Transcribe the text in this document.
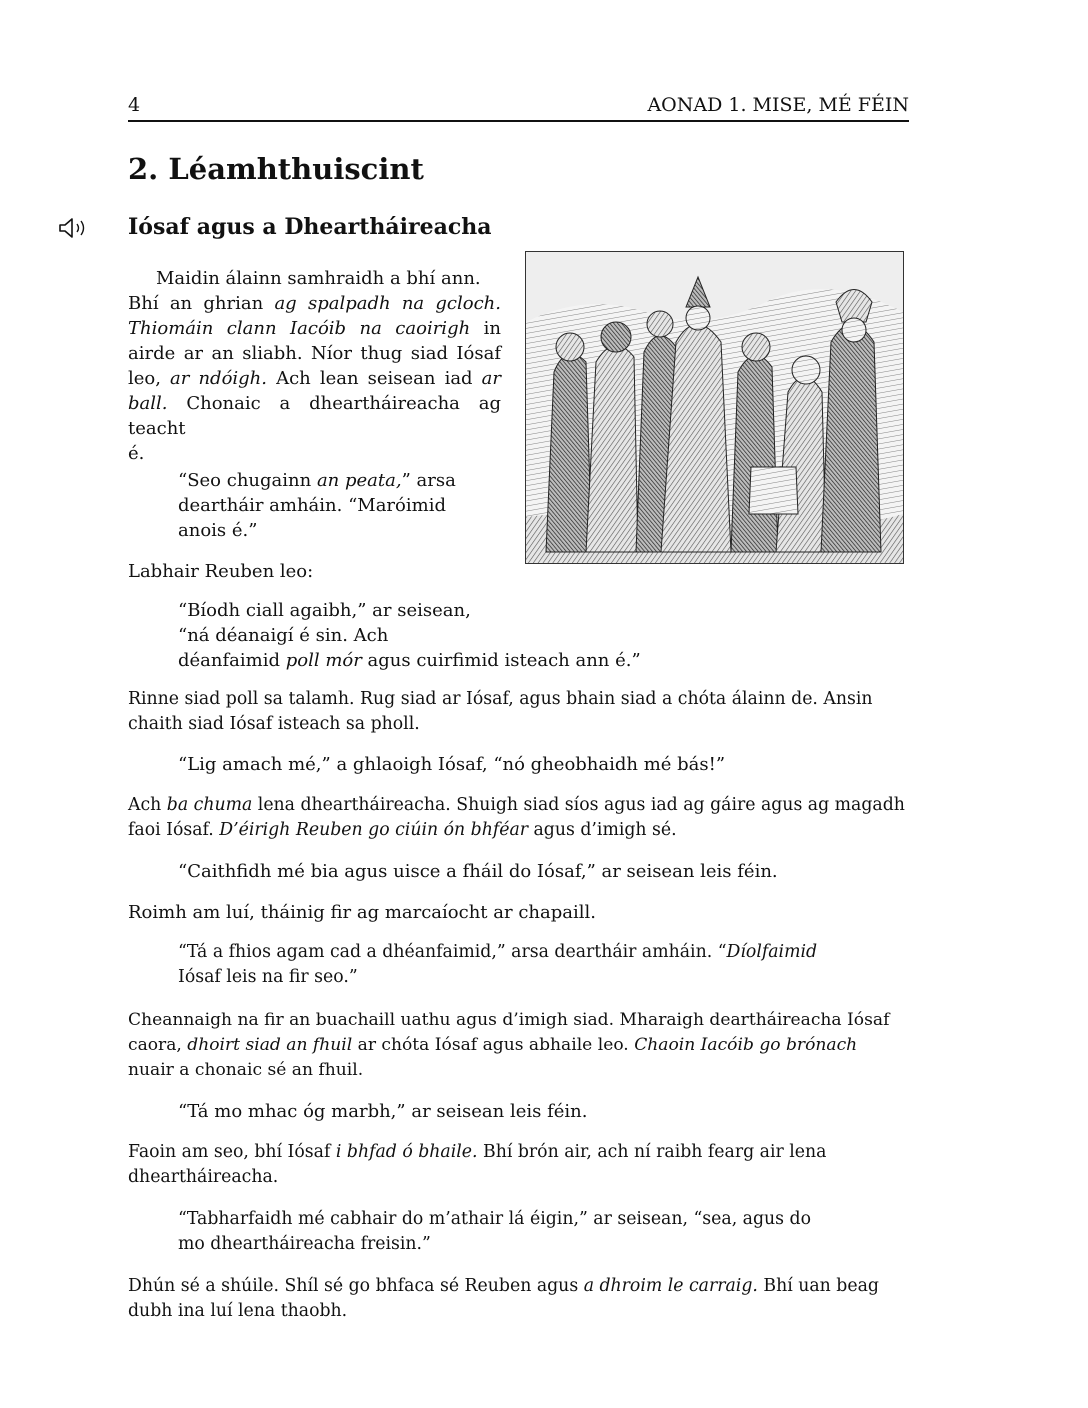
4	AONAD 1. MISE, MÉ FÉIN
2. Léamhthuiscint
Iósaf agus a Dheartháireacha
Maidin álainn samhraidh a bhí ann.
Bhí an ghrian ag spalpadh na gcloch.
Thiomáin clann Iacóib na caoirigh in
airde ar an sliabh. Níor thug siad Iósaf
leo, ar ndóigh. Ach lean seisean iad ar
ball. Chonaic a dheartháireacha ag teacht
é.
“Seo chugainn an peata,” arsa
deartháir amháin. “Maróimid
anois é.”
Labhair Reuben leo:
“Bíodh ciall agaibh,” ar seisean,
“ná déanaigí é sin. Ach
déanfaimid poll mór agus cuirfimid isteach ann é.”
Rinne siad poll sa talamh. Rug siad ar Iósaf, agus bhain siad a chóta álainn de. Ansin
chaith siad Iósaf isteach sa pholl.
“Lig amach mé,” a ghlaoigh Iósaf, “nó gheobhaidh mé bás!”
Ach ba chuma lena dheartháireacha. Shuigh siad síos agus iad ag gáire agus ag magadh
faoi Iósaf. D’éirigh Reuben go ciúin ón bhféar agus d’imigh sé.
“Caithfidh mé bia agus uisce a fháil do Iósaf,” ar seisean leis féin.
Roimh am luí, tháinig fir ag marcaíocht ar chapaill.
“Tá a fhios agam cad a dhéanfaimid,” arsa deartháir amháin. “Díolfaimid
Iósaf leis na fir seo.”
Cheannaigh na fir an buachaill uathu agus d’imigh siad. Mharaigh deartháireacha Iósaf
caora, dhoirt siad an fhuil ar chóta Iósaf agus abhaile leo. Chaoin Iacóib go brónach
nuair a chonaic sé an fhuil.
“Tá mo mhac óg marbh,” ar seisean leis féin.
Faoin am seo, bhí Iósaf i bhfad ó bhaile. Bhí brón air, ach ní raibh fearg air lena
dheartháireacha.
“Tabharfaidh mé cabhair do m’athair lá éigin,” ar seisean, “sea, agus do
mo dheartháireacha freisin.”
Dhún sé a shúile. Shíl sé go bhfaca sé Reuben agus a dhroim le carraig. Bhí uan beag
dubh ina luí lena thaobh.
